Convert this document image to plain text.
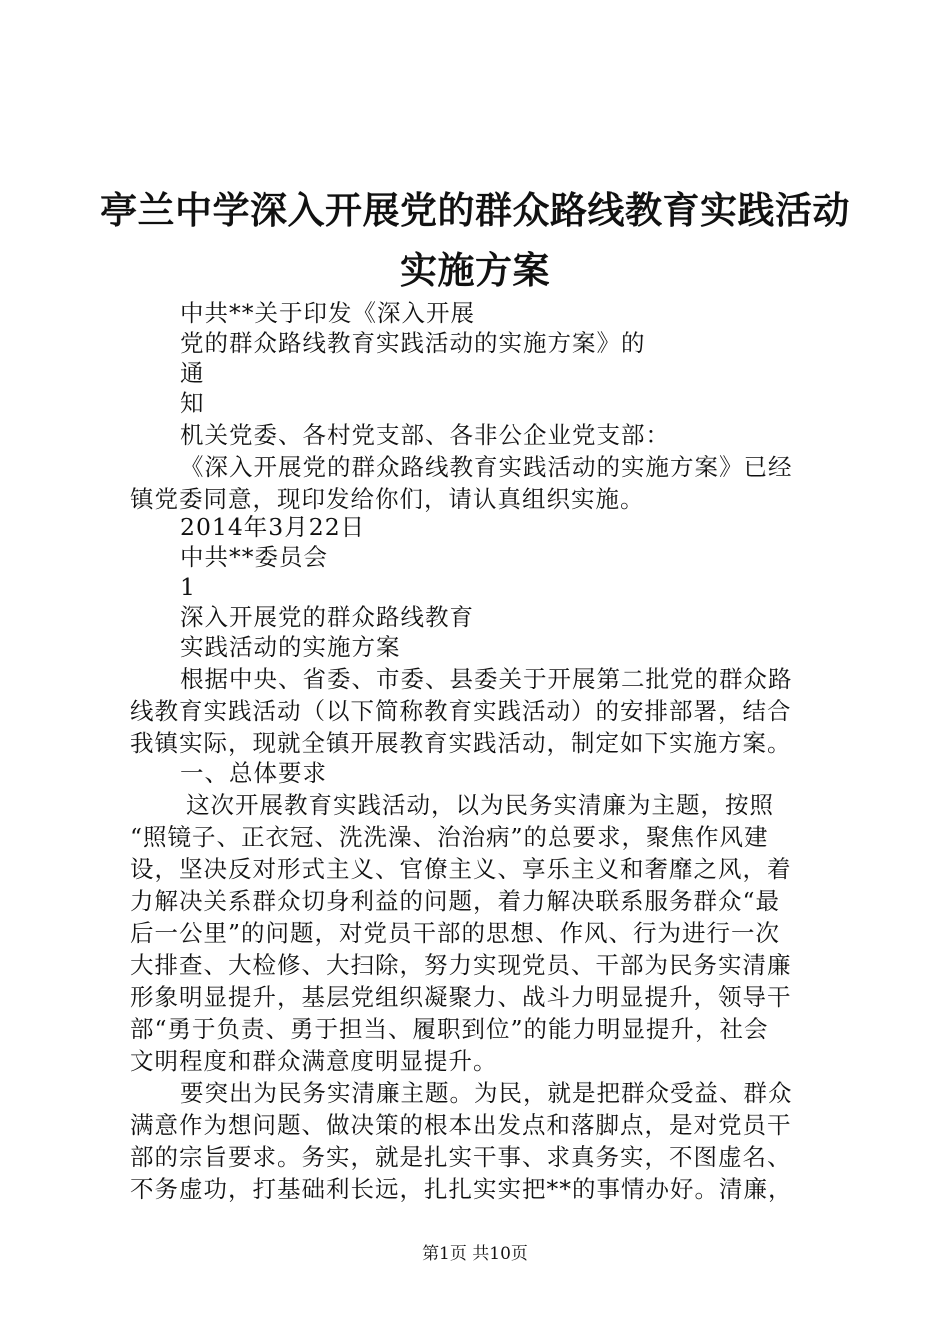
亭兰中学深入开展党的群众路线教育实践活动
实施方案
中共**关于印发《深入开展
党的群众路线教育实践活动的实施方案》的
通
知
机关党委、各村党支部、各非公企业党支部：
《深入开展党的群众路线教育实践活动的实施方案》已经
镇党委同意，现印发给你们，请认真组织实施。
2014年3月22日
中共**委员会
1
深入开展党的群众路线教育
实践活动的实施方案
根据中央、省委、市委、县委关于开展第二批党的群众路
线教育实践活动（以下简称教育实践活动）的安排部署，结合
我镇实际，现就全镇开展教育实践活动，制定如下实施方案。
一、总体要求
这次开展教育实践活动，以为民务实清廉为主题，按照
“照镜子、正衣冠、洗洗澡、治治病”的总要求，聚焦作风建
设，坚决反对形式主义、官僚主义、享乐主义和奢靡之风，着
力解决关系群众切身利益的问题，着力解决联系服务群众“最
后一公里”的问题，对党员干部的思想、作风、行为进行一次
大排查、大检修、大扫除，努力实现党员、干部为民务实清廉
形象明显提升，基层党组织凝聚力、战斗力明显提升，领导干
部“勇于负责、勇于担当、履职到位”的能力明显提升，社会
文明程度和群众满意度明显提升。
要突出为民务实清廉主题。为民，就是把群众受益、群众
满意作为想问题、做决策的根本出发点和落脚点，是对党员干
部的宗旨要求。务实，就是扎实干事、求真务实，不图虚名、
不务虚功，打基础利长远，扎扎实实把**的事情办好。清廉，
第1页 共10页
